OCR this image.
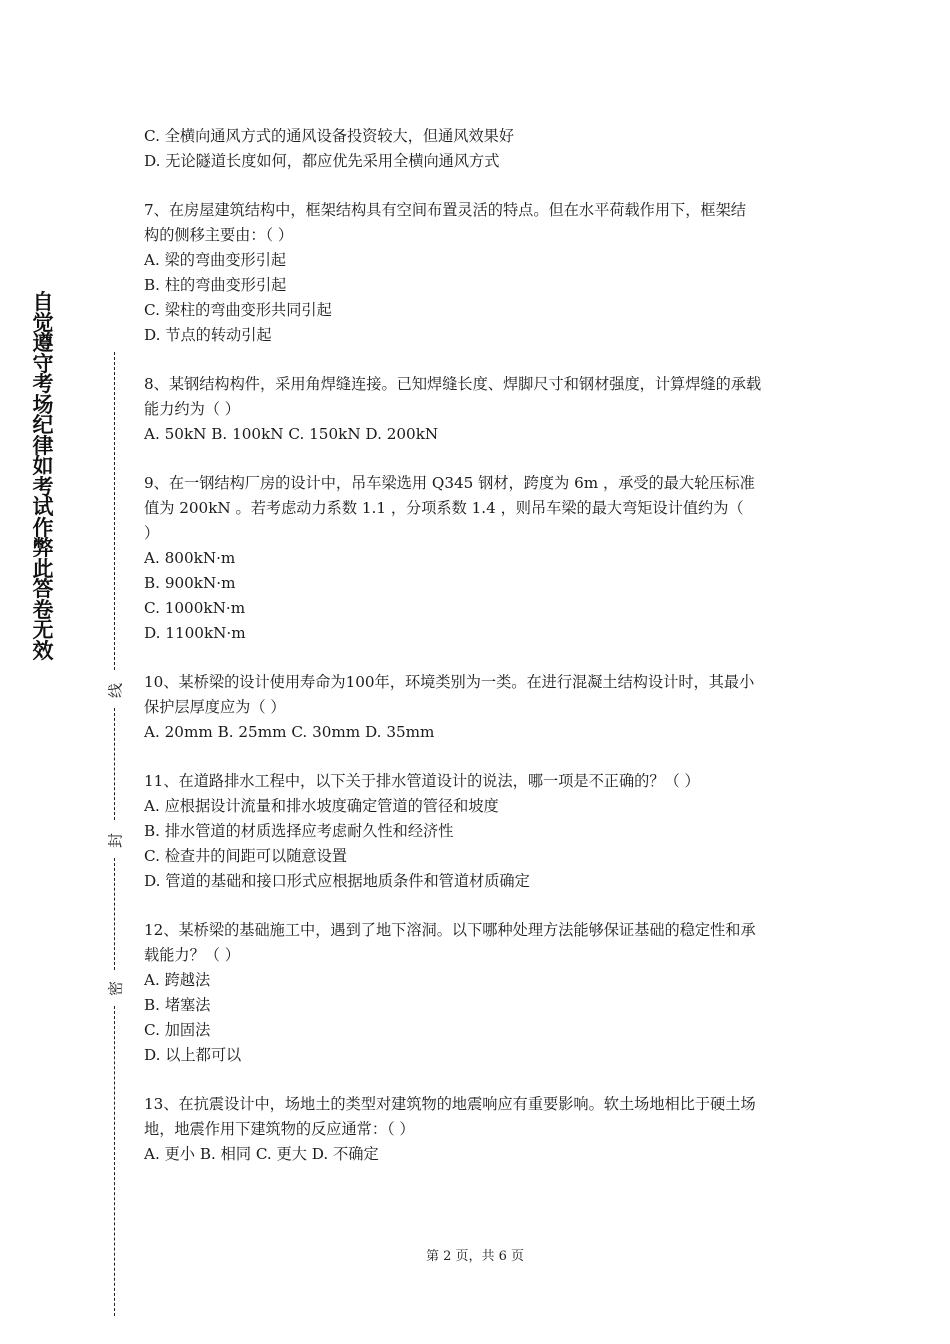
自觉遵守考场纪律如考试作弊此答卷无效
线
封
密
C. 全横向通风方式的通风设备投资较大，但通风效果好
D. 无论隧道长度如何，都应优先采用全横向通风方式
7、在房屋建筑结构中，框架结构具有空间布置灵活的特点。但在水平荷载作用下，框架结
构的侧移主要由：（ ）
A. 梁的弯曲变形引起
B. 柱的弯曲变形引起
C. 梁柱的弯曲变形共同引起
D. 节点的转动引起
8、某钢结构构件，采用角焊缝连接。已知焊缝长度、焊脚尺寸和钢材强度，计算焊缝的承载
能力约为（ ）
A. 50kN B. 100kN C. 150kN D. 200kN
9、在一钢结构厂房的设计中，吊车梁选用 Q345 钢材，跨度为 6m ，承受的最大轮压标准
值为 200kN 。若考虑动力系数 1.1 ，分项系数 1.4 ，则吊车梁的最大弯矩设计值约为（
）
A. 800kN·m
B. 900kN·m
C. 1000kN·m
D. 1100kN·m
10、某桥梁的设计使用寿命为100年，环境类别为一类。在进行混凝土结构设计时，其最小
保护层厚度应为（ ）
A. 20mm B. 25mm C. 30mm D. 35mm
11、在道路排水工程中，以下关于排水管道设计的说法，哪一项是不正确的？（ ）
A. 应根据设计流量和排水坡度确定管道的管径和坡度
B. 排水管道的材质选择应考虑耐久性和经济性
C. 检查井的间距可以随意设置
D. 管道的基础和接口形式应根据地质条件和管道材质确定
12、某桥梁的基础施工中，遇到了地下溶洞。以下哪种处理方法能够保证基础的稳定性和承
载能力？（ ）
A. 跨越法
B. 堵塞法
C. 加固法
D. 以上都可以
13、在抗震设计中，场地土的类型对建筑物的地震响应有重要影响。软土场地相比于硬土场
地，地震作用下建筑物的反应通常：（ ）
A. 更小 B. 相同 C. 更大 D. 不确定
第 2 页，共 6 页
